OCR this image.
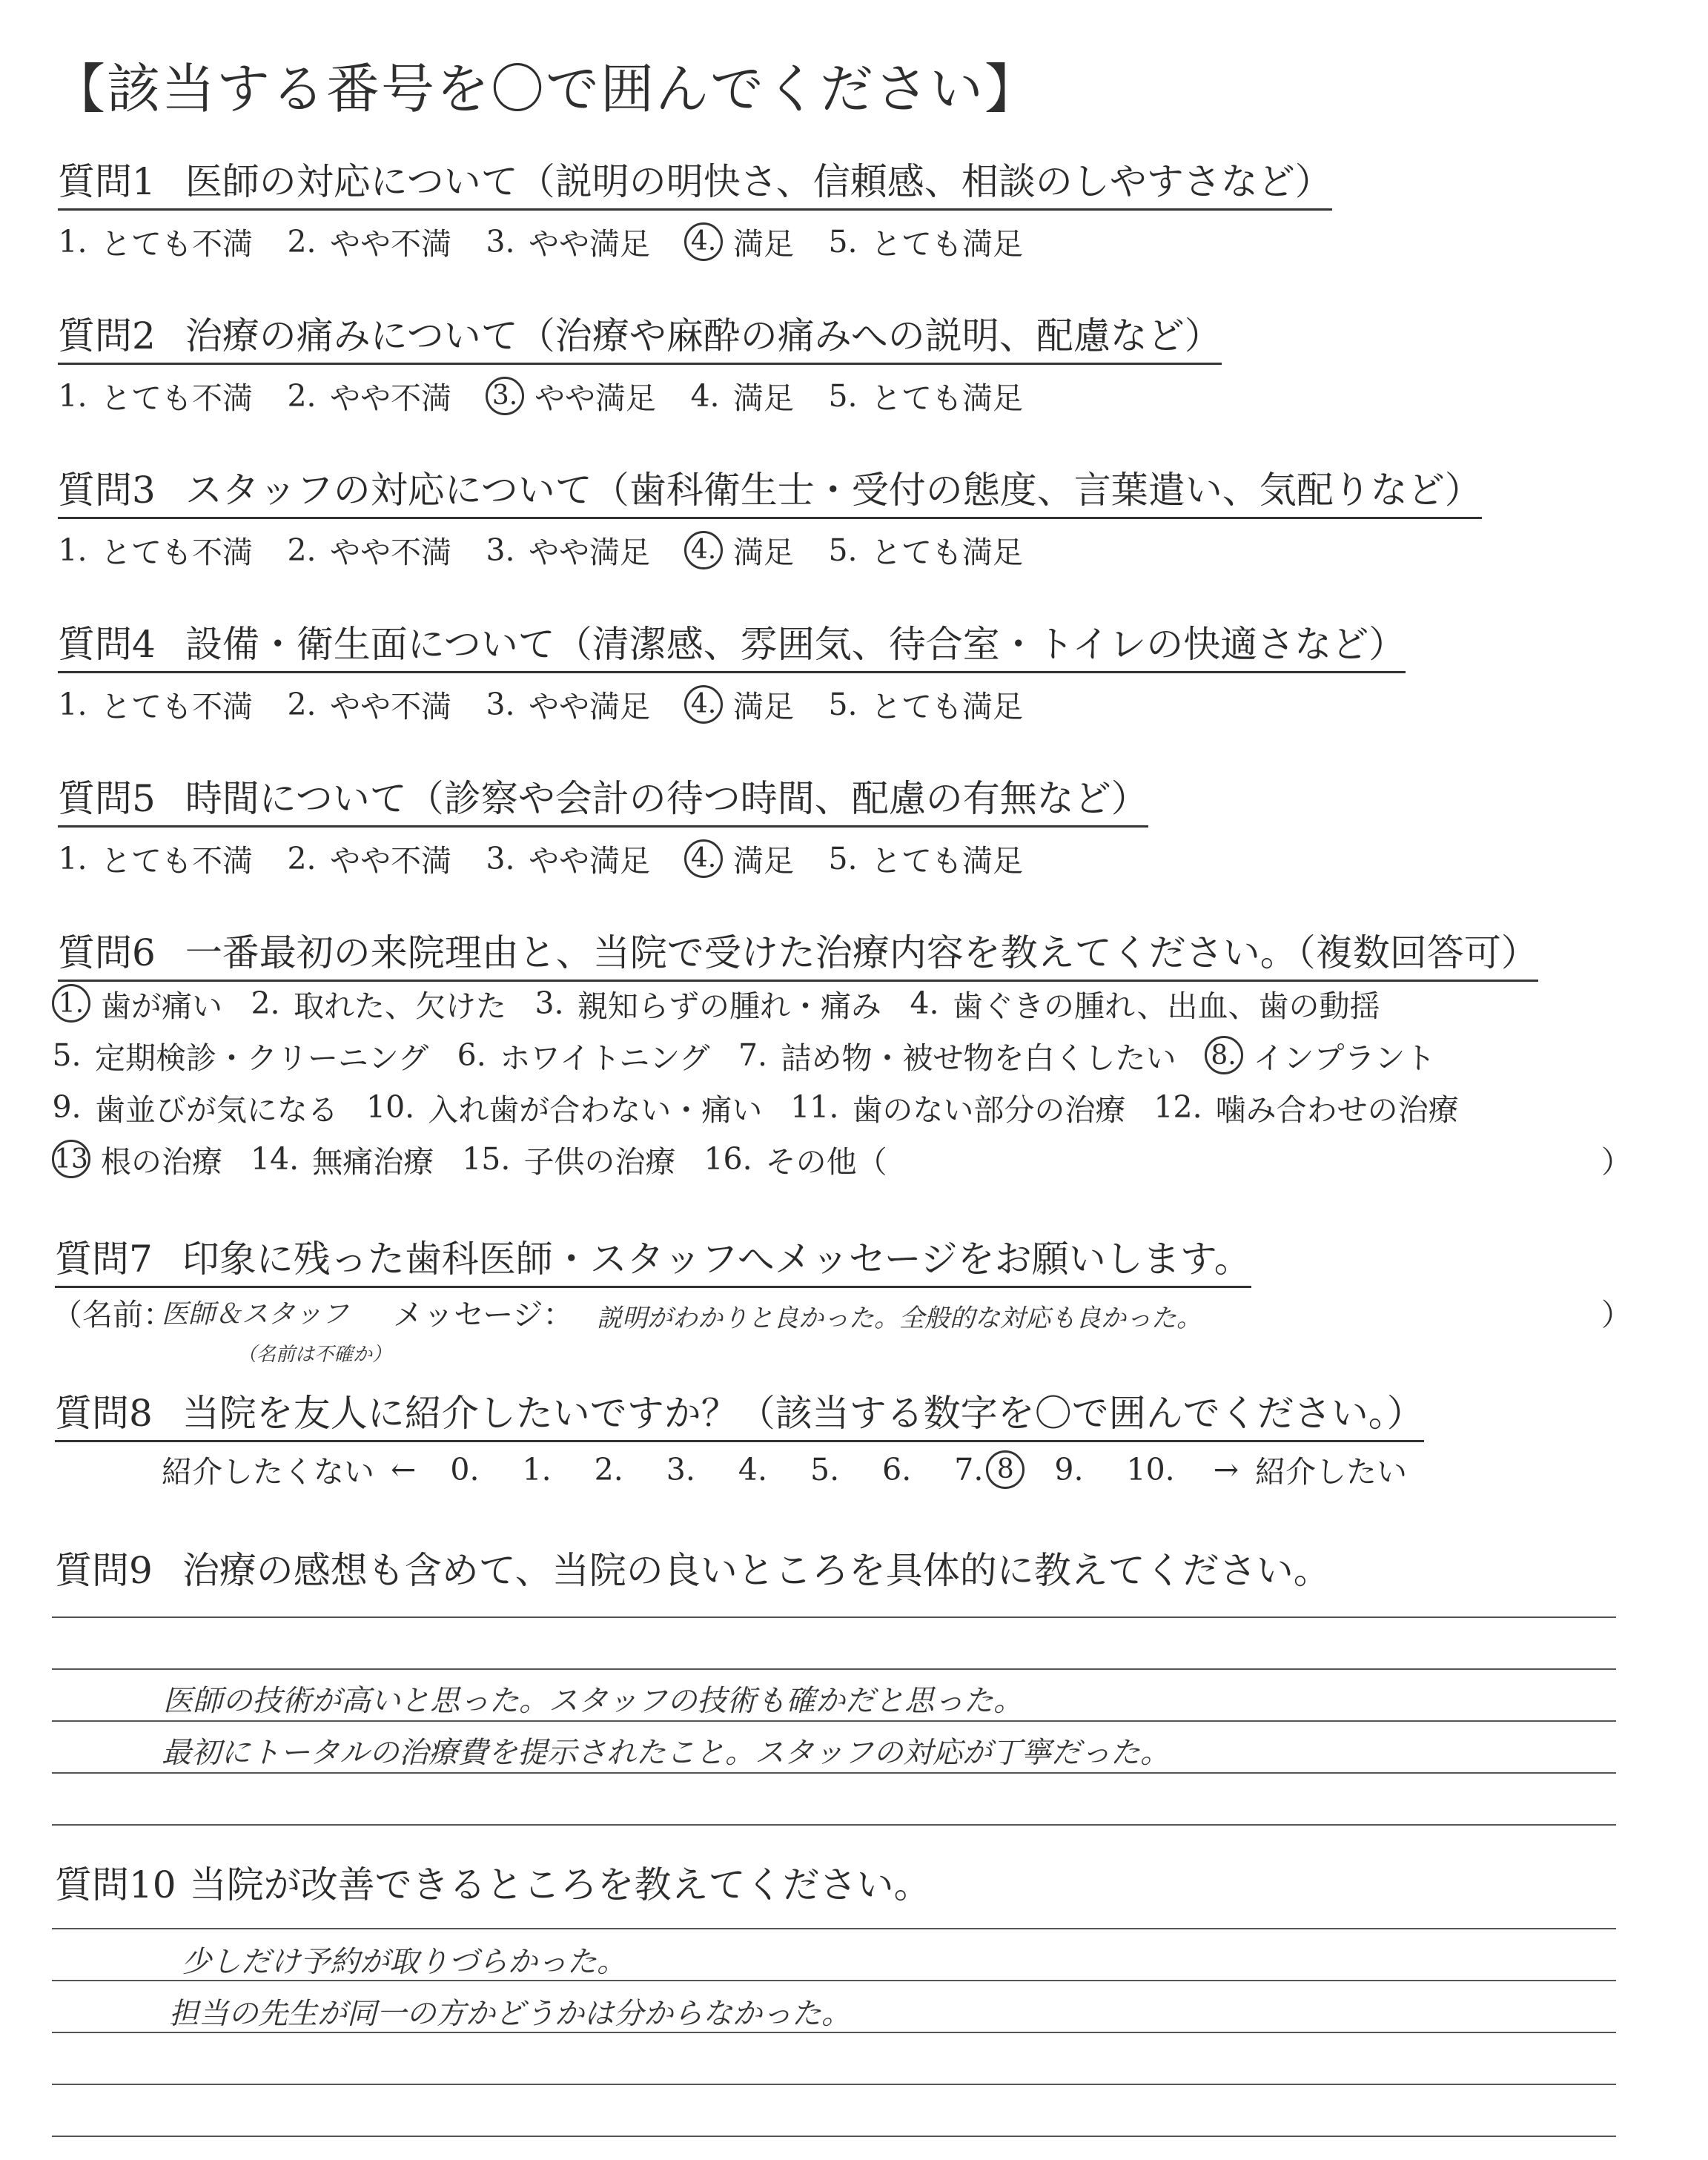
【該当する番号を〇で囲んでください】
質問1 医師の対応について（説明の明快さ、信頼感、相談のしやすさなど）
1. とても不満 2. やや不満 3. やや満足 4. 満足 5. とても満足
質問2 治療の痛みについて（治療や麻酔の痛みへの説明、配慮など）
1. とても不満 2. やや不満 3. やや満足 4. 満足 5. とても満足
質問3 スタッフの対応について（歯科衛生士・受付の態度、言葉遣い、気配りなど）
1. とても不満 2. やや不満 3. やや満足 4. 満足 5. とても満足
質問4 設備・衛生面について（清潔感、雰囲気、待合室・トイレの快適さなど）
1. とても不満 2. やや不満 3. やや満足 4. 満足 5. とても満足
質問5 時間について（診察や会計の待つ時間、配慮の有無など）
1. とても不満 2. やや不満 3. やや満足 4. 満足 5. とても満足
質問6 一番最初の来院理由と、当院で受けた治療内容を教えてください。（複数回答可）
1. 歯が痛い 2. 取れた、欠けた 3. 親知らずの腫れ・痛み 4. 歯ぐきの腫れ、出血、歯の動揺
5. 定期検診・クリーニング 6. ホワイトニング 7. 詰め物・被せ物を白くしたい 8. インプラント
9. 歯並びが気になる 10. 入れ歯が合わない・痛い 11. 歯のない部分の治療 12. 噛み合わせの治療
13 根の治療 14. 無痛治療 15. 子供の治療 16. その他（	）
質問7 印象に残った歯科医師・スタッフへメッセージをお願いします。
（名前：
医師＆スタッフ
（名前は不確か）
メッセージ： 説明がわかりと良かった。全般的な対応も良かった。	）
質問8 当院を友人に紹介したいですか？（該当する数字を〇で囲んでください。）
紹介したくない ← 0. 1. 2. 3. 4. 5. 6. 7. 8	9. 10. → 紹介したい
質問9 治療の感想も含めて、当院の良いところを具体的に教えてください。
医師の技術が高いと思った。スタッフの技術も確かだと思った。
最初にトータルの治療費を提示されたこと。スタッフの対応が丁寧だった。
質問10 当院が改善できるところを教えてください。
少しだけ予約が取りづらかった。
担当の先生が同一の方かどうかは分からなかった。
